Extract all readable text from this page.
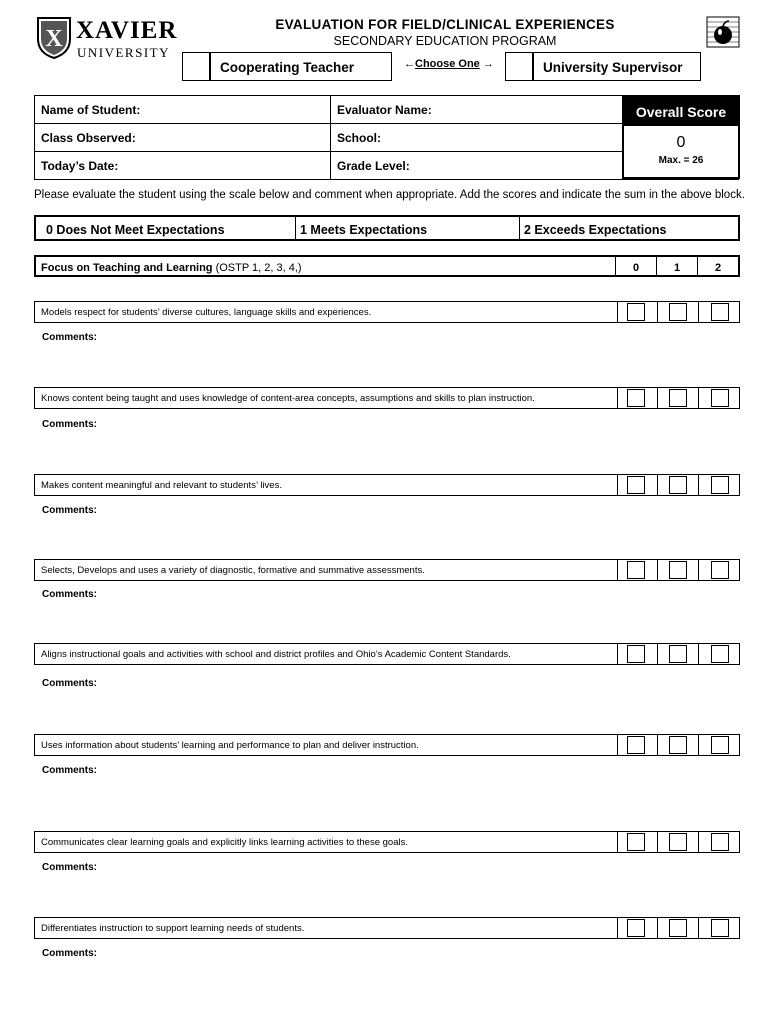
X XAVIER
UNIVERSITY
EVALUATION FOR FIELD/CLINICAL EXPERIENCES
SECONDARY EDUCATION PROGRAM
Cooperating Teacher	←Choose One →	University Supervisor
Name of Student:	Evaluator Name:
Class Observed:	School:
Today’s Date:	Grade Level:
Overall Score
0
Max. = 26
Please evaluate the student using the scale below and comment when appropriate. Add the scores and indicate the sum in the above block.
0 Does Not Meet Expectations	1 Meets Expectations	2 Exceeds Expectations
Focus on Teaching and Learning (OSTP 1, 2, 3, 4,)	0	1	2
Models respect for students’ diverse cultures, language skills and experiences.
Comments:
Knows content being taught and uses knowledge of content-area concepts, assumptions and skills to plan instruction.
Comments:
Makes content meaningful and relevant to students’ lives.
Comments:
Selects, Develops and uses a variety of diagnostic, formative and summative assessments.
Comments:
Aligns instructional goals and activities with school and district profiles and Ohio’s Academic Content Standards.
Comments:
Uses information about students’ learning and performance to plan and deliver instruction.
Comments:
Communicates clear learning goals and explicitly links learning activities to these goals.
Comments:
Differentiates instruction to support learning needs of students.
Comments:
